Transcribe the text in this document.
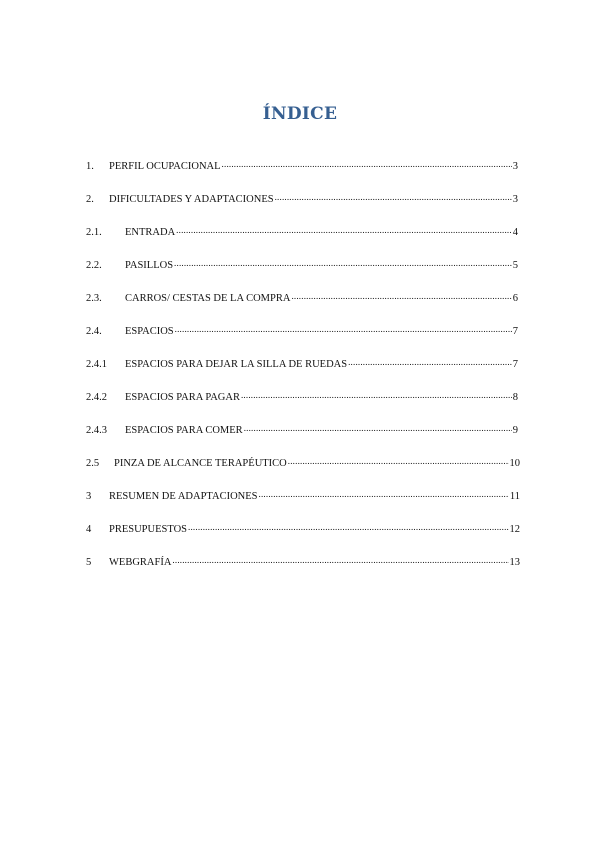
ÍNDICE
1.	PERFIL OCUPACIONAL .....	3
2.	DIFICULTADES Y ADAPTACIONES .....	3
2.1.	ENTRADA .....	4
2.2.	PASILLOS .....	5
2.3.	CARROS/ CESTAS DE LA COMPRA .....	6
2.4.	ESPACIOS .....	7
2.4.1	ESPACIOS PARA DEJAR LA SILLA DE RUEDAS .....	7
2.4.2	ESPACIOS PARA PAGAR .....	8
2.4.3	ESPACIOS PARA COMER .....	9
2.5	PINZA DE ALCANCE TERAPÉUTICO .....	10
3	RESUMEN DE ADAPTACIONES .....	11
4	PRESUPUESTOS .....	12
5	WEBGRAFÍA .....	13
